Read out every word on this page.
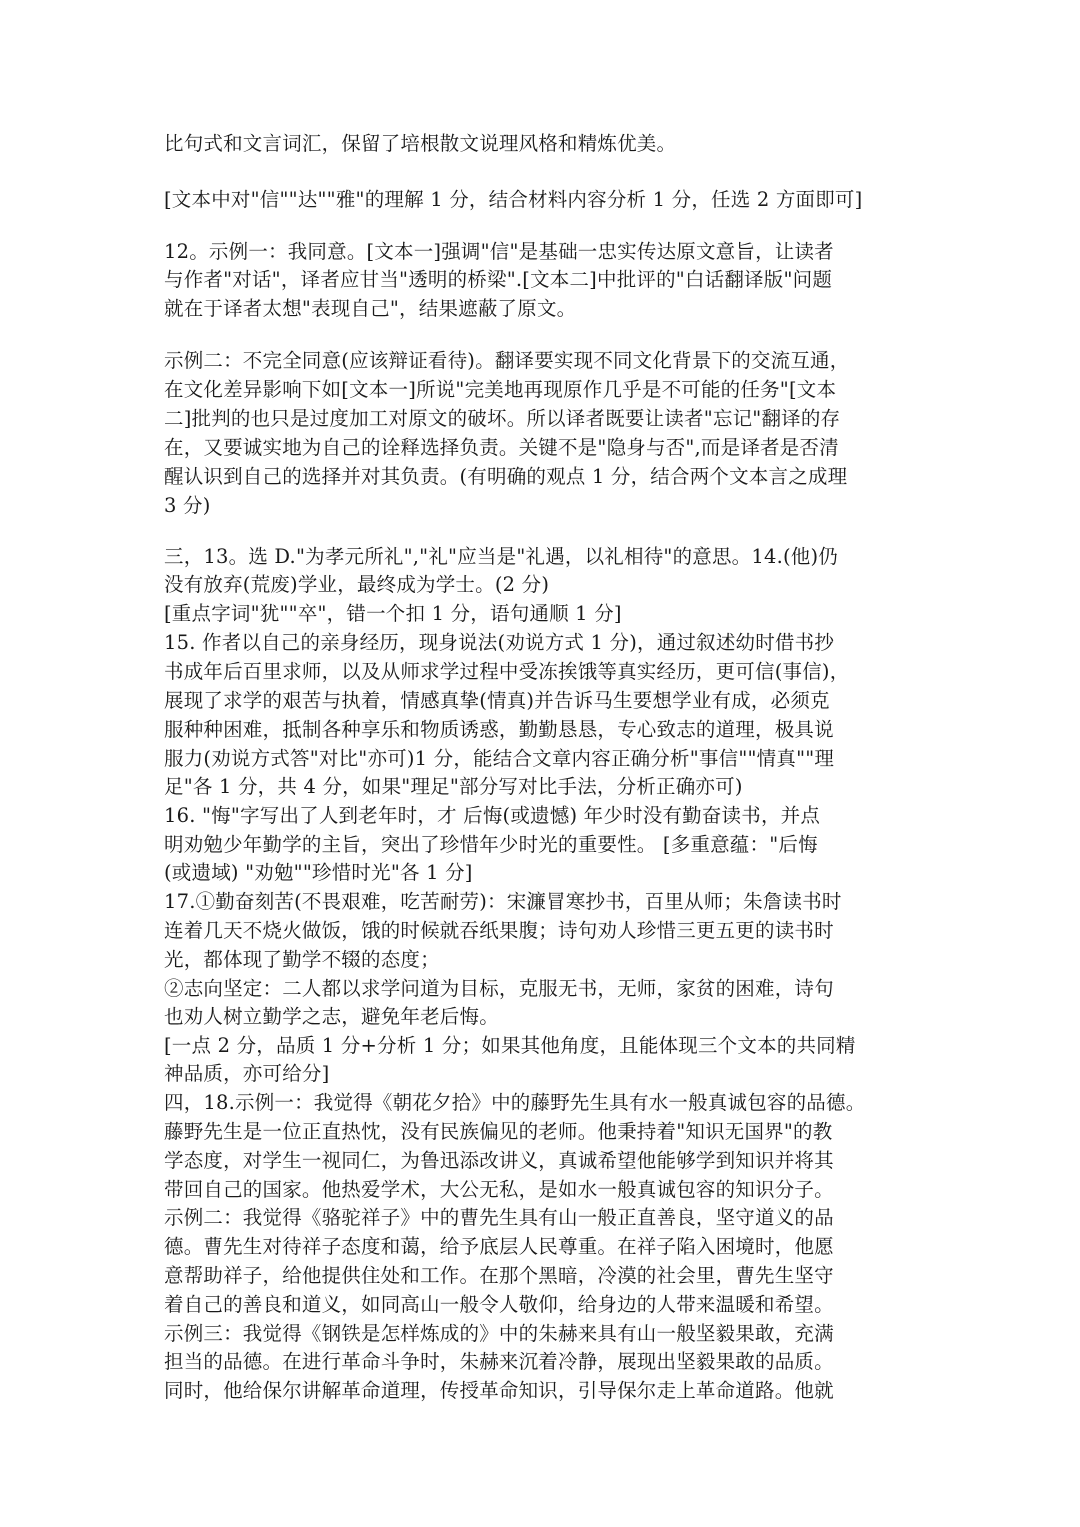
比句式和文言词汇，保留了培根散文说理风格和精炼优美。

[文本中对"信""达""雅"的理解 1 分，结合材料内容分析 1 分，任选 2 方面即可]

12。示例一：我同意。[文本一]强调"信"是基础一忠实传达原文意旨，让读者

与作者"对话"，译者应甘当"透明的桥梁".[文本二]中批评的"白话翻译版"问题

就在于译者太想"表现自己"，结果遮蔽了原文。

示例二：不完全同意(应该辩证看待)。翻译要实现不同文化背景下的交流互通，

在文化差异影响下如[文本一]所说"完美地再现原作几乎是不可能的任务"[文本

二]批判的也只是过度加工对原文的破坏。所以译者既要让读者"忘记"翻译的存

在，又要诚实地为自己的诠释选择负责。关键不是"隐身与否",而是译者是否清

醒认识到自己的选择并对其负责。(有明确的观点 1 分，结合两个文本言之成理

3 分)

三，13。选 D."为孝元所礼","礼"应当是"礼遇，以礼相待"的意思。14.(他)仍

没有放弃(荒废)学业，最终成为学士。(2 分)

[重点字词"犹""卒"，错一个扣 1 分，语句通顺 1 分]

15. 作者以自己的亲身经历，现身说法(劝说方式 1 分)，通过叙述幼时借书抄

书成年后百里求师，以及从师求学过程中受冻挨饿等真实经历，更可信(事信)，

展现了求学的艰苦与执着，情感真挚(情真)并告诉马生要想学业有成，必须克

服种种困难，抵制各种享乐和物质诱惑，勤勤恳恳，专心致志的道理，极具说

服力(劝说方式答"对比"亦可)1 分，能结合文章内容正确分析"事信""情真""理

足"各 1 分，共 4 分，如果"理足"部分写对比手法，分析正确亦可)

16. "悔"字写出了人到老年时，才 后悔(或遗憾) 年少时没有勤奋读书，并点

明劝勉少年勤学的主旨，突出了珍惜年少时光的重要性。 [多重意蕴："后悔

(或遗域) "劝勉""珍惜时光"各 1 分]

17.①勤奋刻苦(不畏艰难，吃苦耐劳)：宋濂冒寒抄书，百里从师；朱詹读书时

连着几天不烧火做饭，饿的时候就吞纸果腹；诗句劝人珍惜三更五更的读书时

光，都体现了勤学不辍的态度；

②志向坚定：二人都以求学问道为目标，克服无书，无师，家贫的困难，诗句

也劝人树立勤学之志，避免年老后悔。

[一点 2 分，品质 1 分+分析 1 分；如果其他角度，且能体现三个文本的共同精

神品质，亦可给分]

四，18.示例一：我觉得《朝花夕拾》中的藤野先生具有水一般真诚包容的品德。

藤野先生是一位正直热忱，没有民族偏见的老师。他秉持着"知识无国界"的教

学态度，对学生一视同仁，为鲁迅添改讲义，真诚希望他能够学到知识并将其

带回自己的国家。他热爱学术，大公无私，是如水一般真诚包容的知识分子。

示例二：我觉得《骆驼祥子》中的曹先生具有山一般正直善良，坚守道义的品

德。曹先生对待祥子态度和蔼，给予底层人民尊重。在祥子陷入困境时，他愿

意帮助祥子，给他提供住处和工作。在那个黑暗，冷漠的社会里，曹先生坚守

着自己的善良和道义，如同高山一般令人敬仰，给身边的人带来温暖和希望。

示例三：我觉得《钢铁是怎样炼成的》中的朱赫来具有山一般坚毅果敢，充满

担当的品德。在进行革命斗争时，朱赫来沉着冷静，展现出坚毅果敢的品质。

同时，他给保尔讲解革命道理，传授革命知识，引导保尔走上革命道路。他就
